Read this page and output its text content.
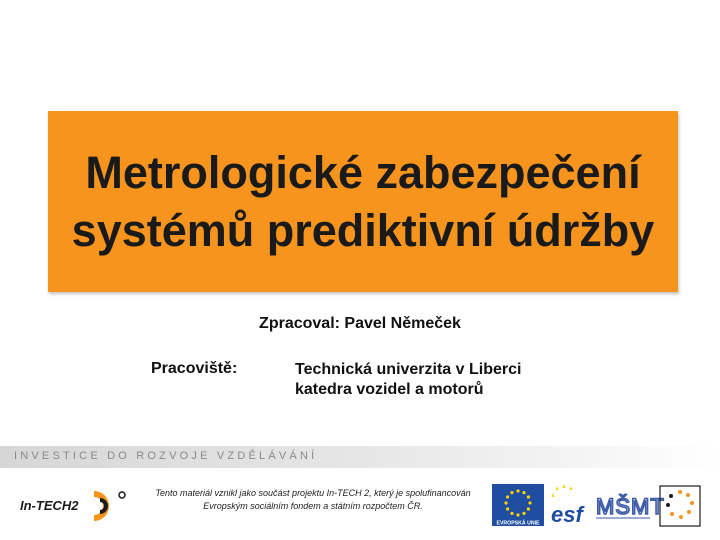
Metrologické zabezpečení systémů prediktivní údržby
Zpracoval: Pavel Němeček
Pracoviště:	Technická univerzita v Liberci
katedra vozidel a motorů
INVESTICE DO ROZVOJE VZDĚLÁVÁNÍ
In-TECH2
Tento materiál vznikl jako součást projektu In-TECH 2, který je spolufinancován Evropským sociálním fondem a státním rozpočtem ČR.
EVROPSKÁ UNIE esf MŠMT
